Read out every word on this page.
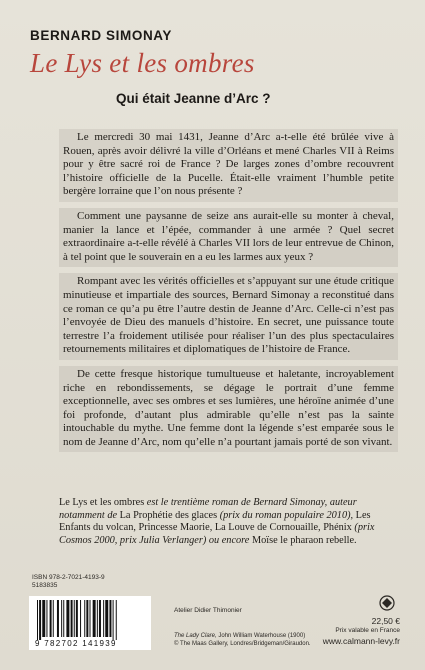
BERNARD SIMONAY
Le Lys et les ombres
Qui était Jeanne d’Arc ?

Le mercredi 30 mai 1431, Jeanne d’Arc a-t-elle été brûlée vive à Rouen, après avoir délivré la ville d’Orléans et mené Charles VII à Reims pour y être sacré roi de France ? De larges zones d’ombre recouvrent l’histoire officielle de la Pucelle. Était-elle vraiment l’humble petite bergère lorraine que l’on nous présente ?

Comment une paysanne de seize ans aurait-elle su monter à cheval, manier la lance et l’épée, commander à une armée ? Quel secret extraordinaire a-t-elle révélé à Charles VII lors de leur entrevue de Chinon, à tel point que le souverain en a eu les larmes aux yeux ?

Rompant avec les vérités officielles et s’appuyant sur une étude critique minutieuse et impartiale des sources, Bernard Simonay a reconstitué dans ce roman ce qu’a pu être l’autre destin de Jeanne d’Arc. Celle-ci n’est pas l’envoyée de Dieu des manuels d’histoire. En secret, une puissance toute terrestre l’a froidement utilisée pour réaliser l’un des plus spectaculaires retournements militaires et diplomatiques de l’histoire de France.

De cette fresque historique tumultueuse et haletante, incroyablement riche en rebondissements, se dégage le portrait d’une femme exceptionnelle, avec ses ombres et ses lumières, une héroïne animée d’une foi profonde, d’autant plus admirable qu’elle n’est pas la sainte intouchable du mythe. Une femme dont la légende s’est emparée sous le nom de Jeanne d’Arc, nom qu’elle n’a pourtant jamais porté de son vivant.

Le Lys et les ombres est le trentième roman de Bernard Simonay, auteur notamment de La Prophétie des glaces (prix du roman populaire 2010), Les Enfants du volcan, Princesse Maorie, La Louve de Cornouaille, Phénix (prix Cosmos 2000, prix Julia Verlanger) ou encore Moïse le pharaon rebelle.
ISBN 978-2-7021-4193-9
5183835
9 782702 141939
Atelier Didier Thimonier
The Lady Clare, John William Waterhouse (1900)
© The Maas Gallery, Londres/Bridgeman/Giraudon.
22,50 €
Prix valable en France
www.calmann-levy.fr
